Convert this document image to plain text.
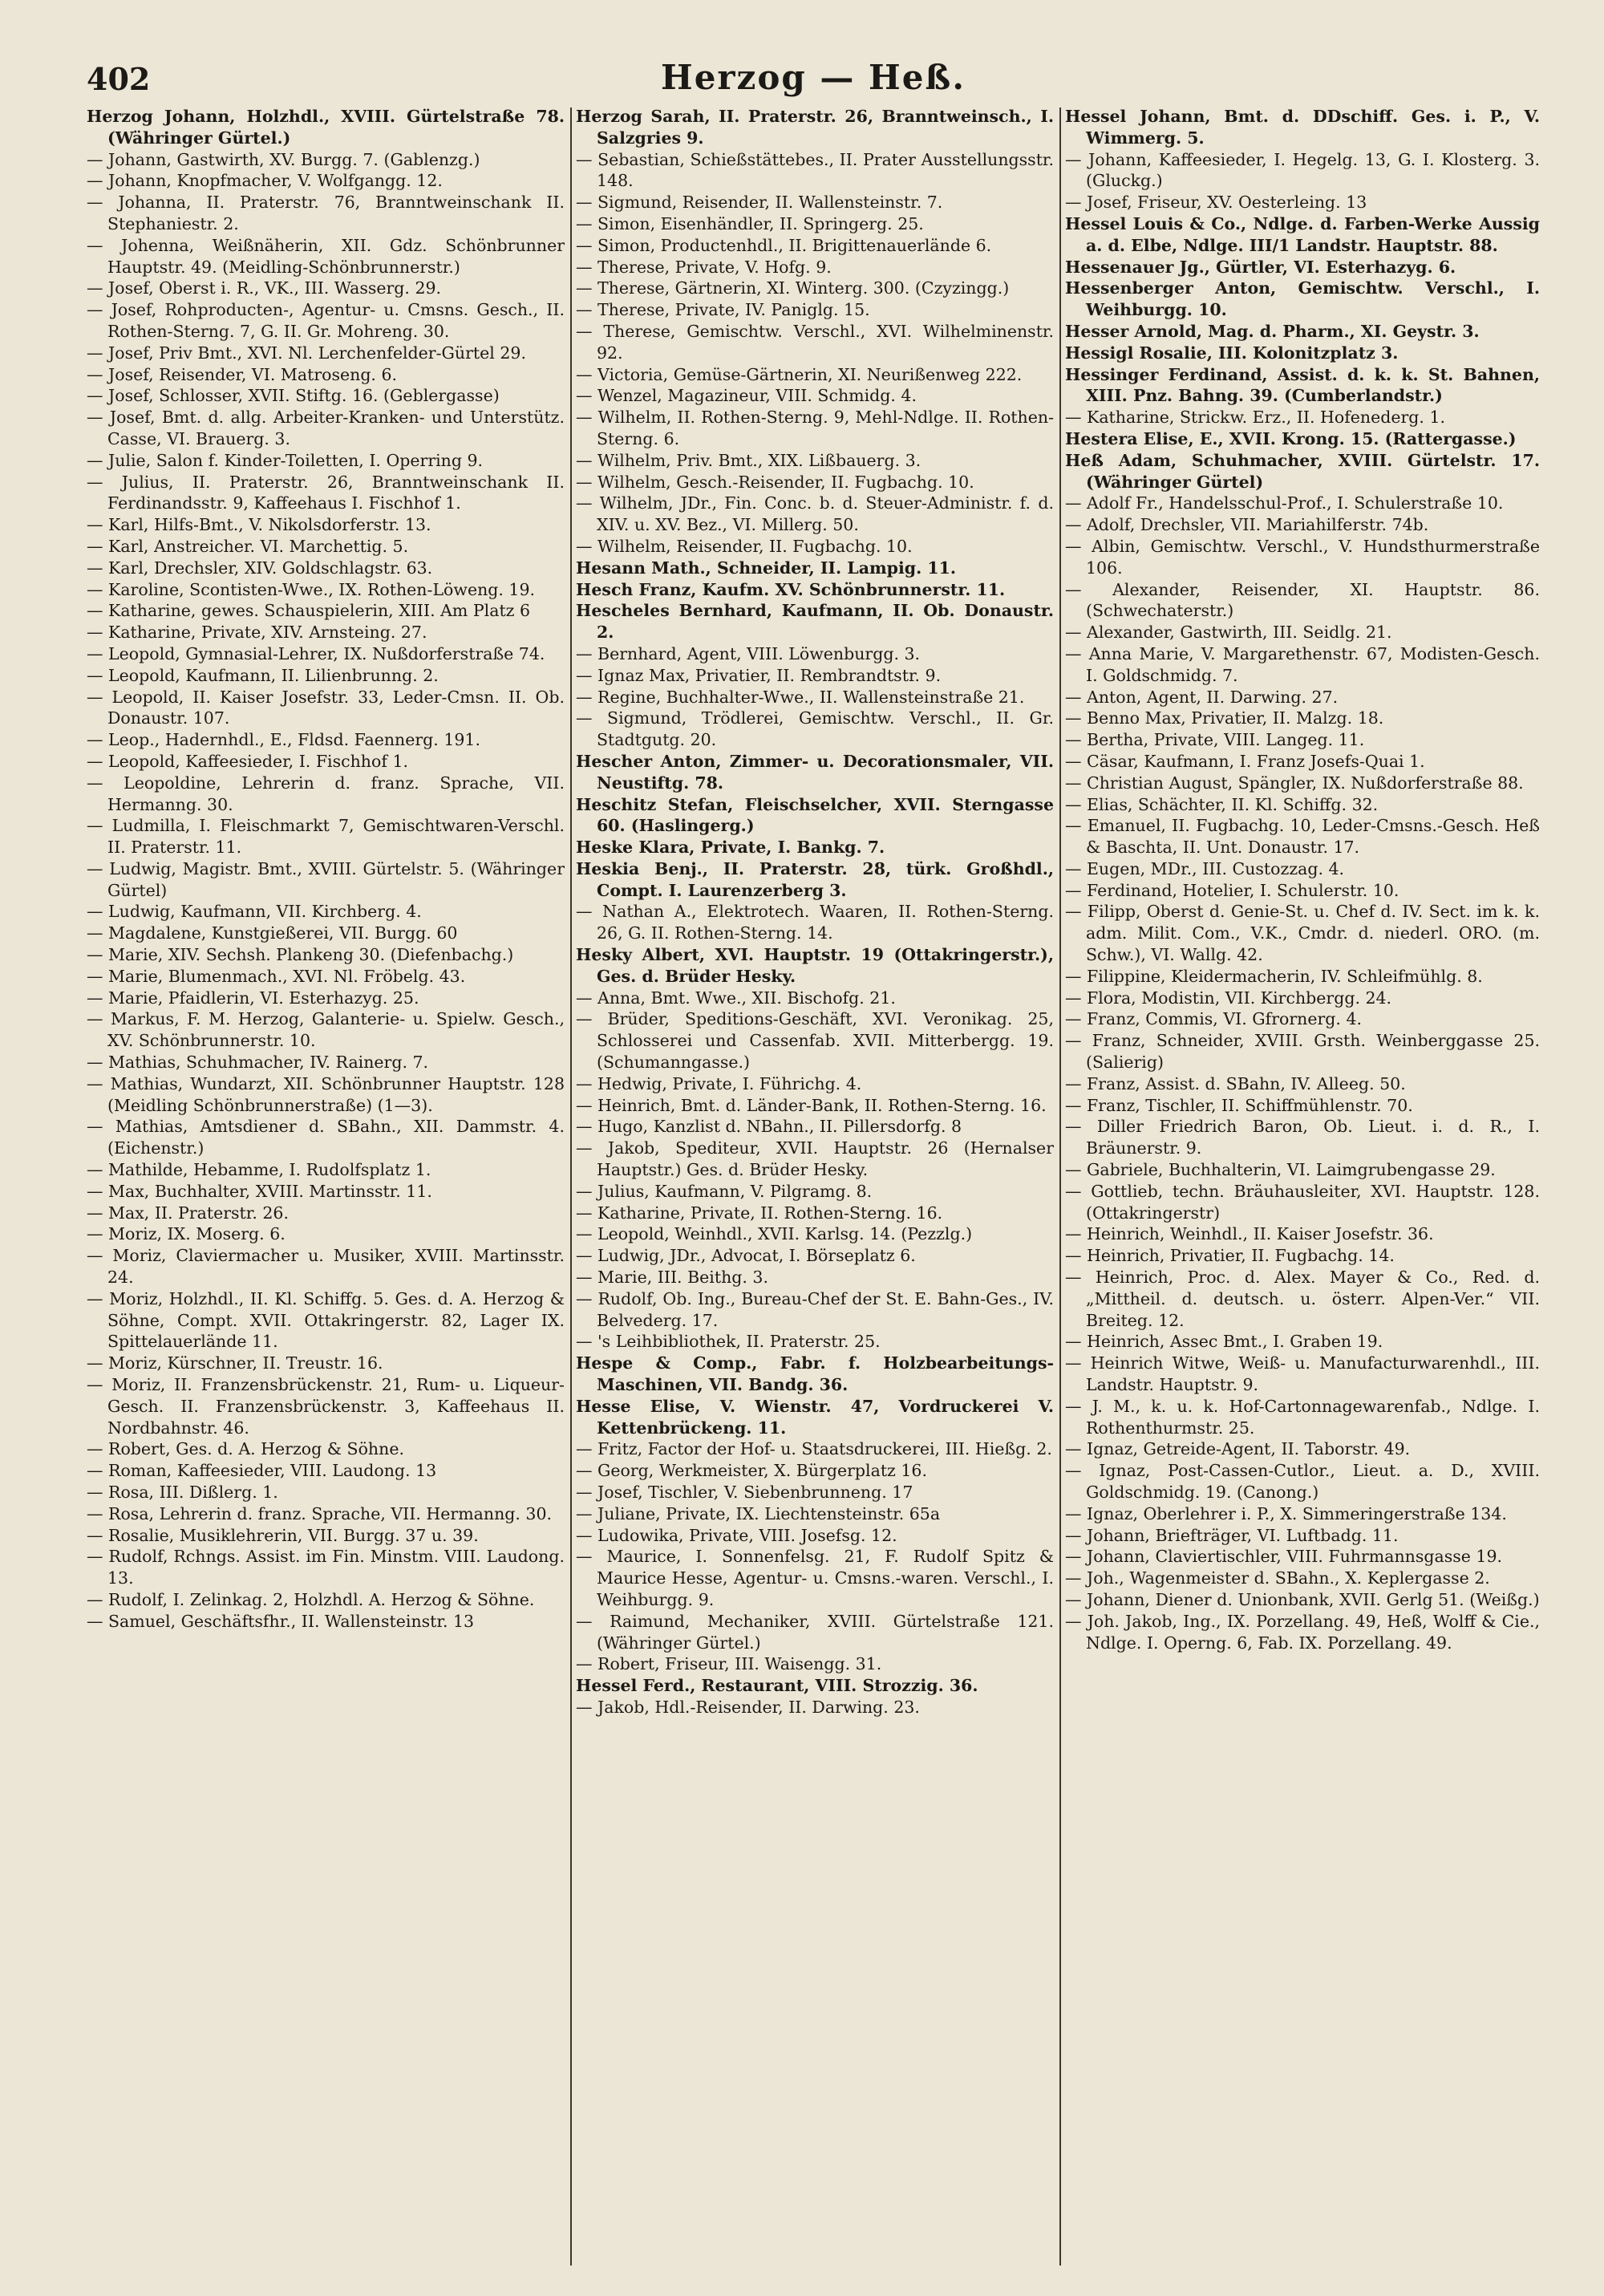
402	Herzog — Heß.
Herzog Johann, Holzhdl., XVIII. Gürtelstraße 78. (Währinger Gürtel.)
— Johann, Gastwirth, XV. Burgg. 7. (Gablenzg.)
— Johann, Knopfmacher, V. Wolfgangg. 12.
— Johanna, II. Praterstr. 76, Branntweinschank II. Stephaniestr. 2.
— Johenna, Weißnäherin, XII. Gdz. Schönbrunner Hauptstr. 49. (Meidling-Schönbrunnerstr.)
— Josef, Oberst i. R., VK., III. Wasserg. 29.
— Josef, Rohproducten-, Agentur- u. Cmsns. Gesch., II. Rothen-Sterng. 7, G. II. Gr. Mohreng. 30.
— Josef, Priv Bmt., XVI. Nl. Lerchenfelder-Gürtel 29.
— Josef, Reisender, VI. Matroseng. 6.
— Josef, Schlosser, XVII. Stiftg. 16. (Geblergasse)
— Josef, Bmt. d. allg. Arbeiter-Kranken- und Unterstütz. Casse, VI. Brauerg. 3.
— Julie, Salon f. Kinder-Toiletten, I. Operring 9.
— Julius, II. Praterstr. 26, Branntweinschank II. Ferdinandsstr. 9, Kaffeehaus I. Fischhof 1.
— Karl, Hilfs-Bmt., V. Nikolsdorferstr. 13.
— Karl, Anstreicher. VI. Marchettig. 5.
— Karl, Drechsler, XIV. Goldschlagstr. 63.
— Karoline, Scontisten-Wwe., IX. Rothen-Löweng. 19.
— Katharine, gewes. Schauspielerin, XIII. Am Platz 6
— Katharine, Private, XIV. Arnsteing. 27.
— Leopold, Gymnasial-Lehrer, IX. Nußdorferstraße 74.
— Leopold, Kaufmann, II. Lilienbrunng. 2.
— Leopold, II. Kaiser Josefstr. 33, Leder-Cmsn. II. Ob. Donaustr. 107.
— Leop., Hadernhdl., E., Fldsd. Faennerg. 191.
— Leopold, Kaffeesieder, I. Fischhof 1.
— Leopoldine, Lehrerin d. franz. Sprache, VII. Hermanng. 30.
— Ludmilla, I. Fleischmarkt 7, Gemischtwaren-Verschl. II. Praterstr. 11.
— Ludwig, Magistr. Bmt., XVIII. Gürtelstr. 5. (Währinger Gürtel)
— Ludwig, Kaufmann, VII. Kirchberg. 4.
— Magdalene, Kunstgießerei, VII. Burgg. 60
— Marie, XIV. Sechsh. Plankeng 30. (Diefenbachg.)
— Marie, Blumenmach., XVI. Nl. Fröbelg. 43.
— Marie, Pfaidlerin, VI. Esterhazyg. 25.
— Markus, F. M. Herzog, Galanterie- u. Spielw. Gesch., XV. Schönbrunnerstr. 10.
— Mathias, Schuhmacher, IV. Rainerg. 7.
— Mathias, Wundarzt, XII. Schönbrunner Hauptstr. 128 (Meidling Schönbrunnerstraße) (1—3).
— Mathias, Amtsdiener d. SBahn., XII. Dammstr. 4. (Eichenstr.)
— Mathilde, Hebamme, I. Rudolfsplatz 1.
— Max, Buchhalter, XVIII. Martinsstr. 11.
— Max, II. Praterstr. 26.
— Moriz, IX. Moserg. 6.
— Moriz, Claviermacher u. Musiker, XVIII. Martinsstr. 24.
— Moriz, Holzhdl., II. Kl. Schiffg. 5. Ges. d. A. Herzog & Söhne, Compt. XVII. Ottakringerstr. 82, Lager IX. Spittelauerlände 11.
— Moriz, Kürschner, II. Treustr. 16.
— Moriz, II. Franzensbrückenstr. 21, Rum- u. Liqueur-Gesch. II. Franzensbrückenstr. 3, Kaffeehaus II. Nordbahnstr. 46.
— Robert, Ges. d. A. Herzog & Söhne.
— Roman, Kaffeesieder, VIII. Laudong. 13
— Rosa, III. Dißlerg. 1.
— Rosa, Lehrerin d. franz. Sprache, VII. Hermanng. 30.
— Rosalie, Musiklehrerin, VII. Burgg. 37 u. 39.
— Rudolf, Rchngs. Assist. im Fin. Minstm. VIII. Laudong. 13.
— Rudolf, I. Zelinkag. 2, Holzhdl. A. Herzog & Söhne.
— Samuel, Geschäftsfhr., II. Wallensteinstr. 13
Herzog Sarah, II. Praterstr. 26, Branntweinsch., I. Salzgries 9.
— Sebastian, Schießstättebes., II. Prater Ausstellungsstr. 148.
— Sigmund, Reisender, II. Wallensteinstr. 7.
— Simon, Eisenhändler, II. Springerg. 25.
— Simon, Productenhdl., II. Brigittenauerlände 6.
— Therese, Private, V. Hofg. 9.
— Therese, Gärtnerin, XI. Winterg. 300. (Czyzingg.)
— Therese, Private, IV. Paniglg. 15.
— Therese, Gemischtw. Verschl., XVI. Wilhelminenstr. 92.
— Victoria, Gemüse-Gärtnerin, XI. Neurißenweg 222.
— Wenzel, Magazineur, VIII. Schmidg. 4.
— Wilhelm, II. Rothen-Sterng. 9, Mehl-Ndlge. II. Rothen-Sterng. 6.
— Wilhelm, Priv. Bmt., XIX. Lißbauerg. 3.
— Wilhelm, Gesch.-Reisender, II. Fugbachg. 10.
— Wilhelm, JDr., Fin. Conc. b. d. Steuer-Administr. f. d. XIV. u. XV. Bez., VI. Millerg. 50.
— Wilhelm, Reisender, II. Fugbachg. 10.
Hesann Math., Schneider, II. Lampig. 11.
Hesch Franz, Kaufm. XV. Schönbrunnerstr. 11.
Hescheles Bernhard, Kaufmann, II. Ob. Donaustr. 2.
— Bernhard, Agent, VIII. Löwenburgg. 3.
— Ignaz Max, Privatier, II. Rembrandtstr. 9.
— Regine, Buchhalter-Wwe., II. Wallensteinstraße 21.
— Sigmund, Trödlerei, Gemischtw. Verschl., II. Gr. Stadtgutg. 20.
Hescher Anton, Zimmer- u. Decorationsmaler, VII. Neustiftg. 78.
Heschitz Stefan, Fleischselcher, XVII. Sterngasse 60. (Haslingerg.)
Heske Klara, Private, I. Bankg. 7.
Heskia Benj., II. Praterstr. 28, türk. Großhdl., Compt. I. Laurenzerberg 3.
— Nathan A., Elektrotech. Waaren, II. Rothen-Sterng. 26, G. II. Rothen-Sterng. 14.
Hesky Albert, XVI. Hauptstr. 19 (Ottakringerstr.), Ges. d. Brüder Hesky.
— Anna, Bmt. Wwe., XII. Bischofg. 21.
— Brüder, Speditions-Geschäft, XVI. Veronikag. 25, Schlosserei und Cassenfab. XVII. Mitterbergg. 19. (Schumanngasse.)
— Hedwig, Private, I. Führichg. 4.
— Heinrich, Bmt. d. Länder-Bank, II. Rothen-Sterng. 16.
— Hugo, Kanzlist d. NBahn., II. Pillersdorfg. 8
— Jakob, Spediteur, XVII. Hauptstr. 26 (Hernalser Hauptstr.) Ges. d. Brüder Hesky.
— Julius, Kaufmann, V. Pilgramg. 8.
— Katharine, Private, II. Rothen-Sterng. 16.
— Leopold, Weinhdl., XVII. Karlsg. 14. (Pezzlg.)
— Ludwig, JDr., Advocat, I. Börseplatz 6.
— Marie, III. Beithg. 3.
— Rudolf, Ob. Ing., Bureau-Chef der St. E. Bahn-Ges., IV. Belvederg. 17.
— 's Leihbibliothek, II. Praterstr. 25.
Hespe & Comp., Fabr. f. Holzbearbeitungs-Maschinen, VII. Bandg. 36.
Hesse Elise, V. Wienstr. 47, Vordruckerei V. Kettenbrückeng. 11.
— Fritz, Factor der Hof- u. Staatsdruckerei, III. Hießg. 2.
— Georg, Werkmeister, X. Bürgerplatz 16.
— Josef, Tischler, V. Siebenbrunneng. 17
— Juliane, Private, IX. Liechtensteinstr. 65a
— Ludowika, Private, VIII. Josefsg. 12.
— Maurice, I. Sonnenfelsg. 21, F. Rudolf Spitz & Maurice Hesse, Agentur- u. Cmsns.-waren. Verschl., I. Weihburgg. 9.
— Raimund, Mechaniker, XVIII. Gürtelstraße 121. (Währinger Gürtel.)
— Robert, Friseur, III. Waisengg. 31.
Hessel Ferd., Restaurant, VIII. Strozzig. 36.
— Jakob, Hdl.-Reisender, II. Darwing. 23.
Hessel Johann, Bmt. d. DDschiff. Ges. i. P., V. Wimmerg. 5.
— Johann, Kaffeesieder, I. Hegelg. 13, G. I. Klosterg. 3. (Gluckg.)
— Josef, Friseur, XV. Oesterleing. 13
Hessel Louis & Co., Ndlge. d. Farben-Werke Aussig a. d. Elbe, Ndlge. III/1 Landstr. Hauptstr. 88.
Hessenauer Jg., Gürtler, VI. Esterhazyg. 6.
Hessenberger Anton, Gemischtw. Verschl., I. Weihburgg. 10.
Hesser Arnold, Mag. d. Pharm., XI. Geystr. 3.
Hessigl Rosalie, III. Kolonitzplatz 3.
Hessinger Ferdinand, Assist. d. k. k. St. Bahnen, XIII. Pnz. Bahng. 39. (Cumberlandstr.)
— Katharine, Strickw. Erz., II. Hofenederg. 1.
Hestera Elise, E., XVII. Krong. 15. (Rattergasse.)
Heß Adam, Schuhmacher, XVIII. Gürtelstr. 17. (Währinger Gürtel)
— Adolf Fr., Handelsschul-Prof., I. Schulerstraße 10.
— Adolf, Drechsler, VII. Mariahilferstr. 74b.
— Albin, Gemischtw. Verschl., V. Hundsthurmerstraße 106.
— Alexander, Reisender, XI. Hauptstr. 86. (Schwechaterstr.)
— Alexander, Gastwirth, III. Seidlg. 21.
— Anna Marie, V. Margarethenstr. 67, Modisten-Gesch. I. Goldschmidg. 7.
— Anton, Agent, II. Darwing. 27.
— Benno Max, Privatier, II. Malzg. 18.
— Bertha, Private, VIII. Langeg. 11.
— Cäsar, Kaufmann, I. Franz Josefs-Quai 1.
— Christian August, Spängler, IX. Nußdorferstraße 88.
— Elias, Schächter, II. Kl. Schiffg. 32.
— Emanuel, II. Fugbachg. 10, Leder-Cmsns.-Gesch. Heß & Baschta, II. Unt. Donaustr. 17.
— Eugen, MDr., III. Custozzag. 4.
— Ferdinand, Hotelier, I. Schulerstr. 10.
— Filipp, Oberst d. Genie-St. u. Chef d. IV. Sect. im k. k. adm. Milit. Com., V.K., Cmdr. d. niederl. ORO. (m. Schw.), VI. Wallg. 42.
— Filippine, Kleidermacherin, IV. Schleifmühlg. 8.
— Flora, Modistin, VII. Kirchbergg. 24.
— Franz, Commis, VI. Gfrornerg. 4.
— Franz, Schneider, XVIII. Grsth. Weinberggasse 25. (Salierig)
— Franz, Assist. d. SBahn, IV. Alleeg. 50.
— Franz, Tischler, II. Schiffmühlenstr. 70.
— Diller Friedrich Baron, Ob. Lieut. i. d. R., I. Bräunerstr. 9.
— Gabriele, Buchhalterin, VI. Laimgrubengasse 29.
— Gottlieb, techn. Bräuhausleiter, XVI. Hauptstr. 128. (Ottakringerstr)
— Heinrich, Weinhdl., II. Kaiser Josefstr. 36.
— Heinrich, Privatier, II. Fugbachg. 14.
— Heinrich, Proc. d. Alex. Mayer & Co., Red. d. „Mittheil. d. deutsch. u. österr. Alpen-Ver.“ VII. Breiteg. 12.
— Heinrich, Assec Bmt., I. Graben 19.
— Heinrich Witwe, Weiß- u. Manufacturwarenhdl., III. Landstr. Hauptstr. 9.
— J. M., k. u. k. Hof-Cartonnagewarenfab., Ndlge. I. Rothenthurmstr. 25.
— Ignaz, Getreide-Agent, II. Taborstr. 49.
— Ignaz, Post-Cassen-Cutlor., Lieut. a. D., XVIII. Goldschmidg. 19. (Canong.)
— Ignaz, Oberlehrer i. P., X. Simmeringerstraße 134.
— Johann, Briefträger, VI. Luftbadg. 11.
— Johann, Claviertischler, VIII. Fuhrmannsgasse 19.
— Joh., Wagenmeister d. SBahn., X. Keplergasse 2.
— Johann, Diener d. Unionbank, XVII. Gerlg 51. (Weißg.)
— Joh. Jakob, Ing., IX. Porzellang. 49, Heß, Wolff & Cie., Ndlge. I. Operng. 6, Fab. IX. Porzellang. 49.
